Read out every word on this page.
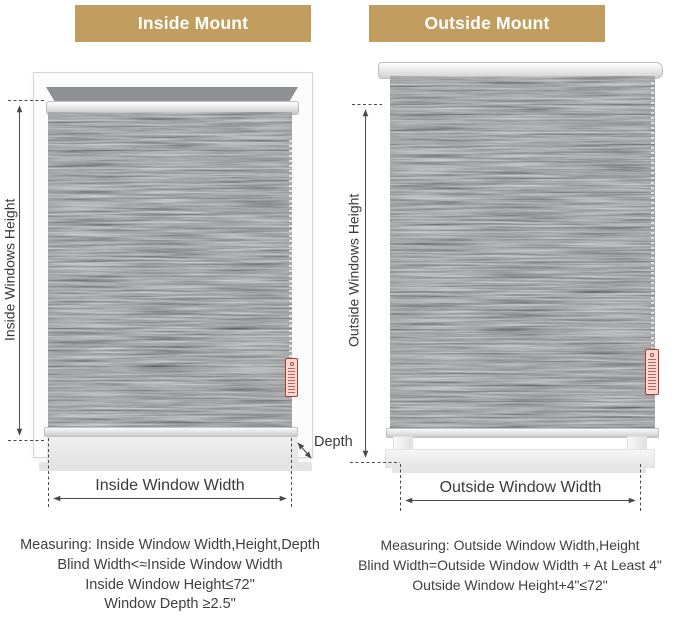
Inside Mount	Outside Mount
Inside Windows Height	Outside Windows Height
Inside Window Width	Outside Window Width
Depth
Measuring: Inside Window Width,Height,Depth
Blind Width<≈Inside Window Width
Inside Window Height≤72"
Window Depth ≥2.5"
Measuring: Outside Window Width,Height
Blind Width=Outside Window Width + At Least 4"
Outside Window Height+4"≤72"
